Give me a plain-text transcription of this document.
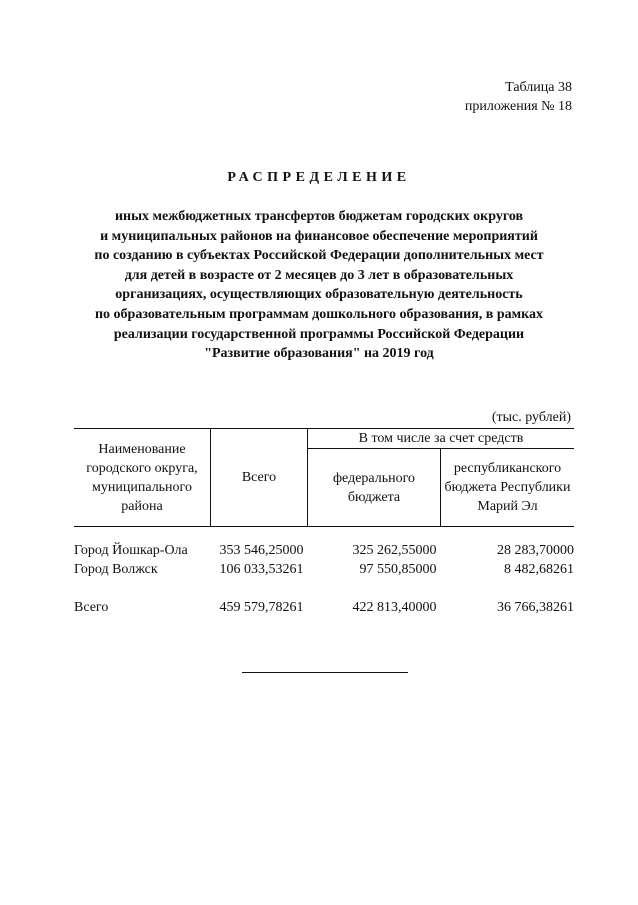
Таблица 38
приложения № 18
РАСПРЕДЕЛЕНИЕ
иных межбюджетных трансфертов бюджетам городских округов
и муниципальных районов на финансовое обеспечение мероприятий
по созданию в субъектах Российской Федерации дополнительных мест
для детей в возрасте от 2 месяцев до 3 лет в образовательных
организациях, осуществляющих образовательную деятельность
по образовательным программам дошкольного образования, в рамках
реализации государственной программы Российской Федерации
"Развитие образования" на 2019 год
(тыс. рублей)
Наименование городского округа, муниципального района	Всего	В том числе за счет средств	
		федерального бюджета	республиканского бюджета Республики Марий Эл

Город Йошкар-Ола	353 546,25000	325 262,55000	28 283,70000
Город Волжск	106 033,53261	97 550,85000	8 482,68261

Всего	459 579,78261	422 813,40000	36 766,38261
